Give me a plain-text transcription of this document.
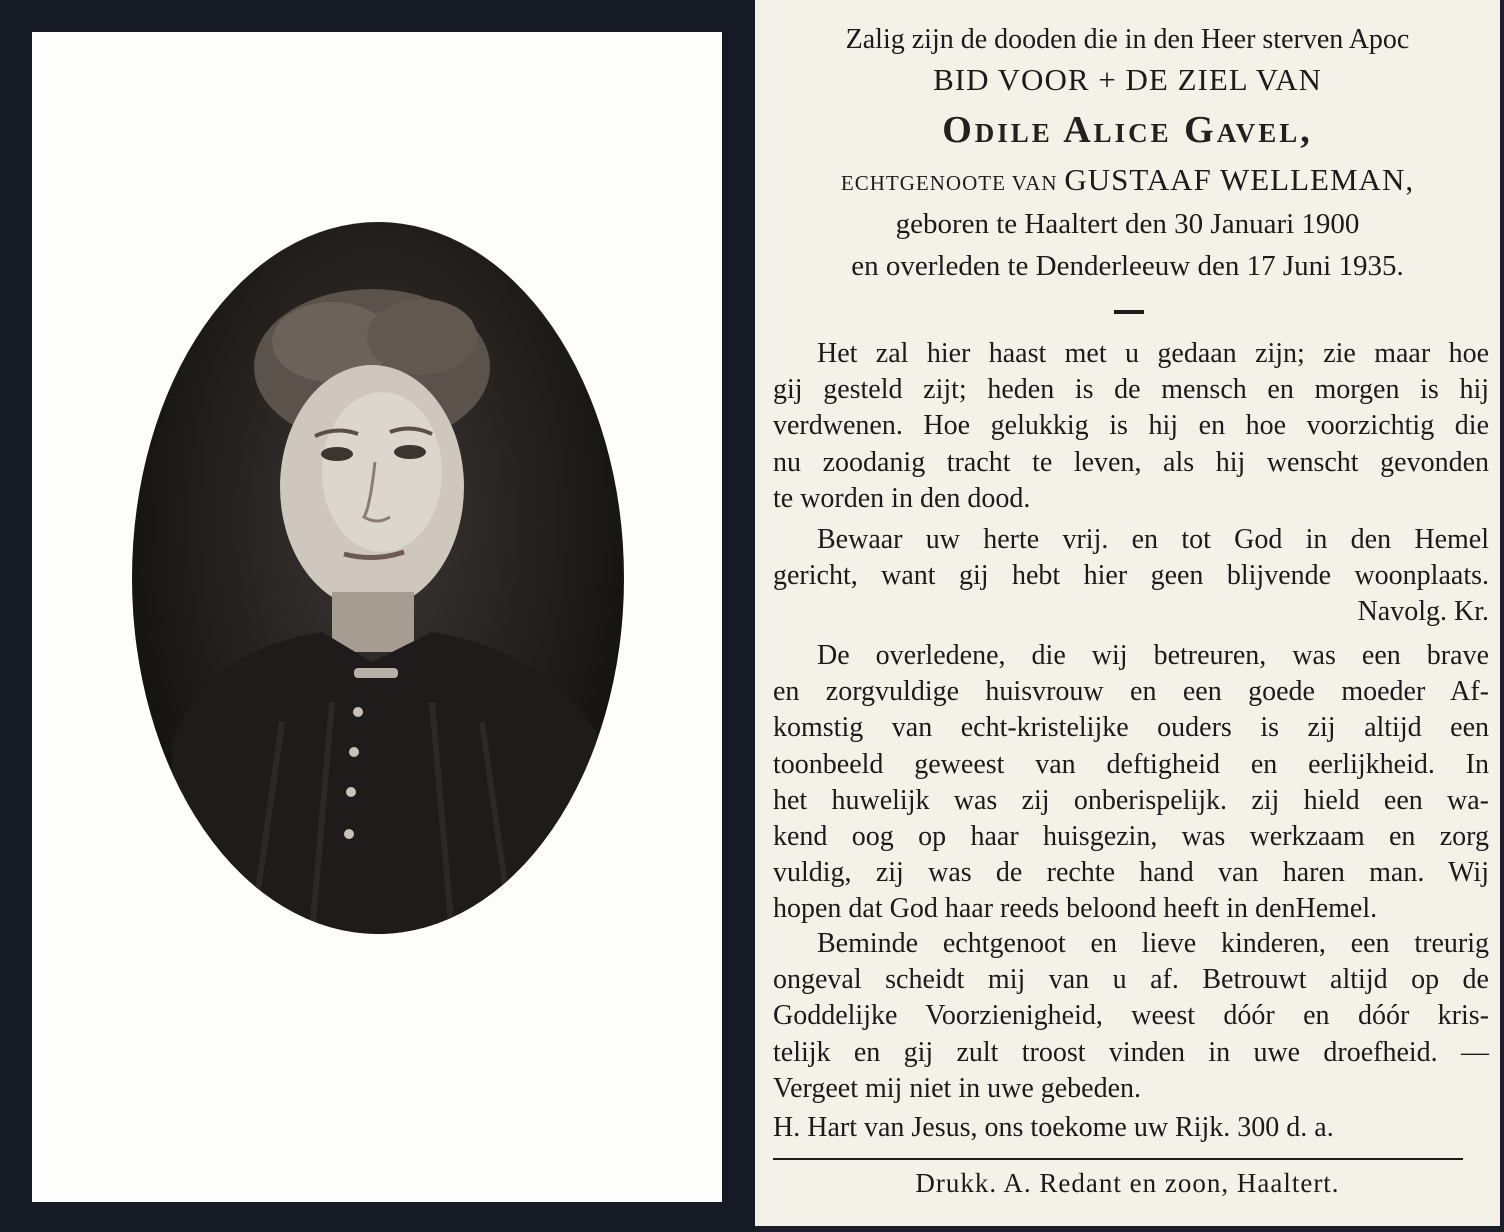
Zalig zijn de dooden die in den Heer sterven Apoc
BID VOOR + DE ZIEL VAN
Odile Alice Gavel,
ECHTGENOOTE VAN GUSTAAF WELLEMAN,
geboren te Haaltert den 30 Januari 1900
en overleden te Denderleeuw den 17 Juni 1935.
Het zal hier haast met u gedaan zijn; zie maar hoe
gij gesteld zijt; heden is de mensch en morgen is hij
verdwenen. Hoe gelukkig is hij en hoe voorzichtig die
nu zoodanig tracht te leven, als hij wenscht gevonden
te worden in den dood.
Bewaar uw herte vrij. en tot God in den Hemel
gericht, want gij hebt hier geen blijvende woonplaats.
Navolg. Kr.
De overledene, die wij betreuren, was een brave
en zorgvuldige huisvrouw en een goede moeder Af-
komstig van echt-kristelijke ouders is zij altijd een
toonbeeld geweest van deftigheid en eerlijkheid. In
het huwelijk was zij onberispelijk. zij hield een wa-
kend oog op haar huisgezin, was werkzaam en zorg
vuldig, zij was de rechte hand van haren man. Wij
hopen dat God haar reeds beloond heeft in denHemel.
Beminde echtgenoot en lieve kinderen, een treurig
ongeval scheidt mij van u af. Betrouwt altijd op de
Goddelijke Voorzienigheid, weest dóór en dóór kris-
telijk en gij zult troost vinden in uwe droefheid. —
Vergeet mij niet in uwe gebeden.
H. Hart van Jesus, ons toekome uw Rijk. 300 d. a.
Drukk. A. Redant en zoon, Haaltert.
